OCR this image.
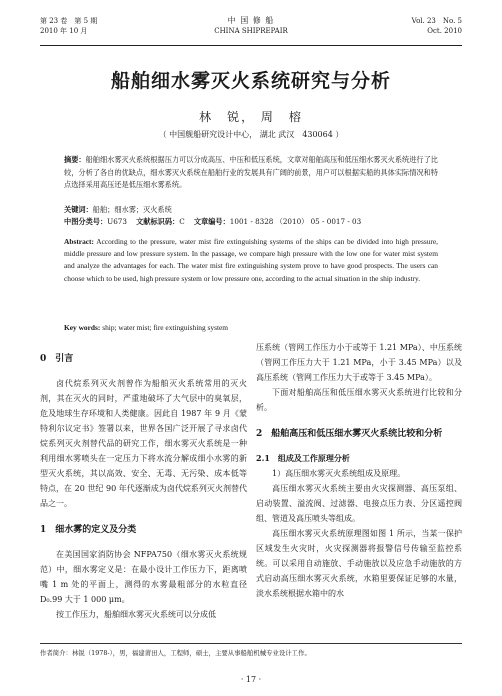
第 23 卷　第 5 期
2010 年 10 月
中 国 修 船
CHINA SHIPREPAIR
Vol. 23　No. 5
Oct. 2010
船舶细水雾灭火系统研究与分析
林　锐， 周　榕
（ 中国舰船研究设计中心， 湖北 武汉　430064 ）
摘要：船舶细水雾灭火系统根据压力可以分成高压、中压和低压系统，文章对船舶高压和低压细水雾灭火系统进行了比较，分析了各自的优缺点，细水雾灭火系统在船舶行业的发展具有广阔的前景，用户可以根据实船的具体实际情况和特点选择采用高压还是低压细水雾系统。
关键词：船舶；细水雾；灭火系统
中图分类号：U673 文献标识码：C 文章编号：1001 - 8328 （2010） 05 - 0017 - 03
Abstract: According to the pressure, water mist fire extinguishing systems of the ships can be divided into high pressure, middle pressure and low pressure system. In the passage, we compare high pressure with the low one for water mist system and analyze the advantages for each. The water mist fire extinguishing system prove to have good prospects. The users can choose which to be used, high pressure system or low pressure one, according to the actual situation in the ship industry.
Key words: ship; water mist; fire extinguishing system
0　引言

卤代烷系列灭火剂曾作为船舶灭火系统常用的灭火剂，其在灭火的同时，严重地破坏了大气层中的臭氧层，危及地球生存环境和人类健康。因此自 1987 年 9 月《蒙特利尔议定书》签署以来，世界各国广泛开展了寻求卤代烷系列灭火剂替代品的研究工作，细水雾灭火系统是一种利用细水雾喷头在一定压力下将水流分解成细小水雾的新型灭火系统，其以高效、安全、无毒、无污染、成本低等特点，在 20 世纪 90 年代逐渐成为卤代烷系列灭火剂替代品之一。

1　细水雾的定义及分类

在美国国家消防协会 NFPA750（细水雾灭火系统规范）中，细水雾定义是：在最小设计工作压力下，距离喷嘴 1 m 处的平面上，测得的水雾最粗部分的水粒直径 D₀.99 大于 1 000 μm。

按工作压力，船舶细水雾灭火系统可以分成低

压系统（管网工作压力小于或等于 1.21 MPa）、中压系统（管网工作压力大于 1.21 MPa，小于 3.45 MPa）以及高压系统（管网工作压力大于或等于 3.45 MPa）。

下面对船舶高压和低压细水雾灭火系统进行比较和分析。

2　船舶高压和低压细水雾灭火系统比较和分析
2.1　组成及工作原理分析

1）高压细水雾灭火系统组成及原理。

高压细水雾灭火系统主要由火灾探测器、高压泵组、启动装置、溢流阀、过滤器、电接点压力表、分区遥控阀组、管道及高压喷头等组成。

高压细水雾灭火系统原理图如图 1 所示，当某一保护区域发生火灾时，火灾探测器将报警信号传输至监控系统。可以采用自动施放、手动施放以及应急手动施放的方式启动高压细水雾灭火系统，水箱里要保证足够的水量，淡水系统根据水箱中的水

作者简介：林锐（1978-），男，福建莆田人，工程师，硕士，主要从事船舶机械专业设计工作。
· 17 ·
